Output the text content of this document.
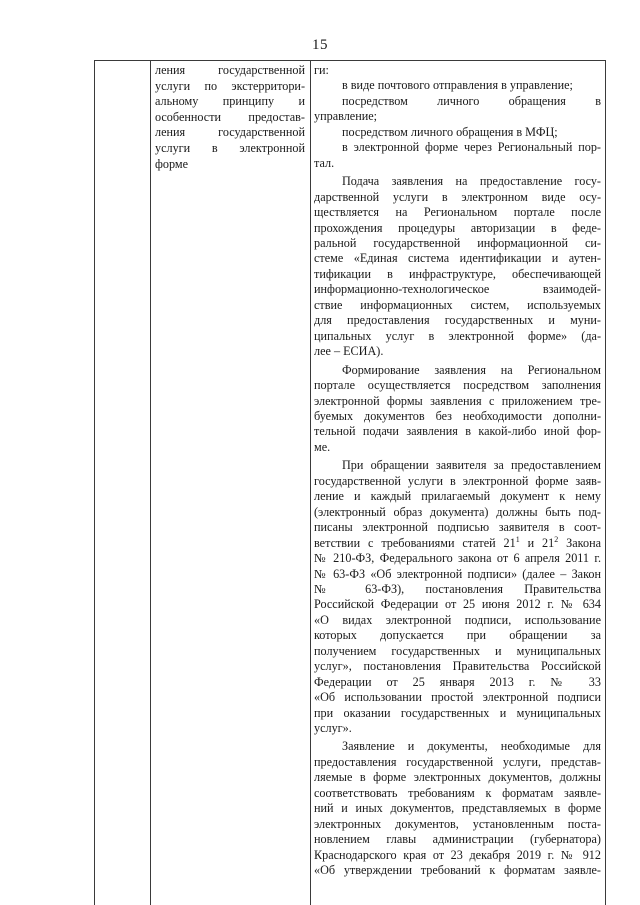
15
ления государственной
услуги по экстерритори-
альному принципу и
особенности предостав-
ления государственной
услуги в электронной
форме
ги:
в виде почтового отправления в управление;
посредством личного обращения в
управление;
посредством личного обращения в МФЦ;
в электронной форме через Региональный пор-
тал.
Подача заявления на предоставление госу-
дарственной услуги в электронном виде осу-
ществляется на Региональном портале после
прохождения процедуры авторизации в феде-
ральной государственной информационной си-
стеме «Единая система идентификации и аутен-
тификации в инфраструктуре, обеспечивающей
информационно-технологическое взаимодей-
ствие информационных систем, используемых
для предоставления государственных и муни-
ципальных услуг в электронной форме» (да-
лее – ЕСИА).
Формирование заявления на Региональном
портале осуществляется посредством заполнения
электронной формы заявления с приложением тре-
буемых документов без необходимости дополни-
тельной подачи заявления в какой-либо иной фор-
ме.
При обращении заявителя за предоставлением
государственной услуги в электронной форме заяв-
ление и каждый прилагаемый документ к нему
(электронный образ документа) должны быть под-
писаны электронной подписью заявителя в соот-
ветствии с требованиями статей $21^1$ и $21^2$ Закона
№ 210-ФЗ, Федерального закона от 6 апреля 2011 г.
№ 63-ФЗ «Об электронной подписи» (далее – Закон
№ 63-ФЗ), постановления Правительства
Российской Федерации от 25 июня 2012 г. № 634
«О видах электронной подписи, использование
которых допускается при обращении за
получением государственных и муниципальных
услуг», постановления Правительства Российской
Федерации от 25 января 2013 г. № 33
«Об использовании простой электронной подписи
при оказании государственных и муниципальных
услуг».
Заявление и документы, необходимые для
предоставления государственной услуги, представ-
ляемые в форме электронных документов, должны
соответствовать требованиям к форматам заявле-
ний и иных документов, представляемых в форме
электронных документов, установленным поста-
новлением главы администрации (губернатора)
Краснодарского края от 23 декабря 2019 г. № 912
«Об утверждении требований к форматам заявле-
